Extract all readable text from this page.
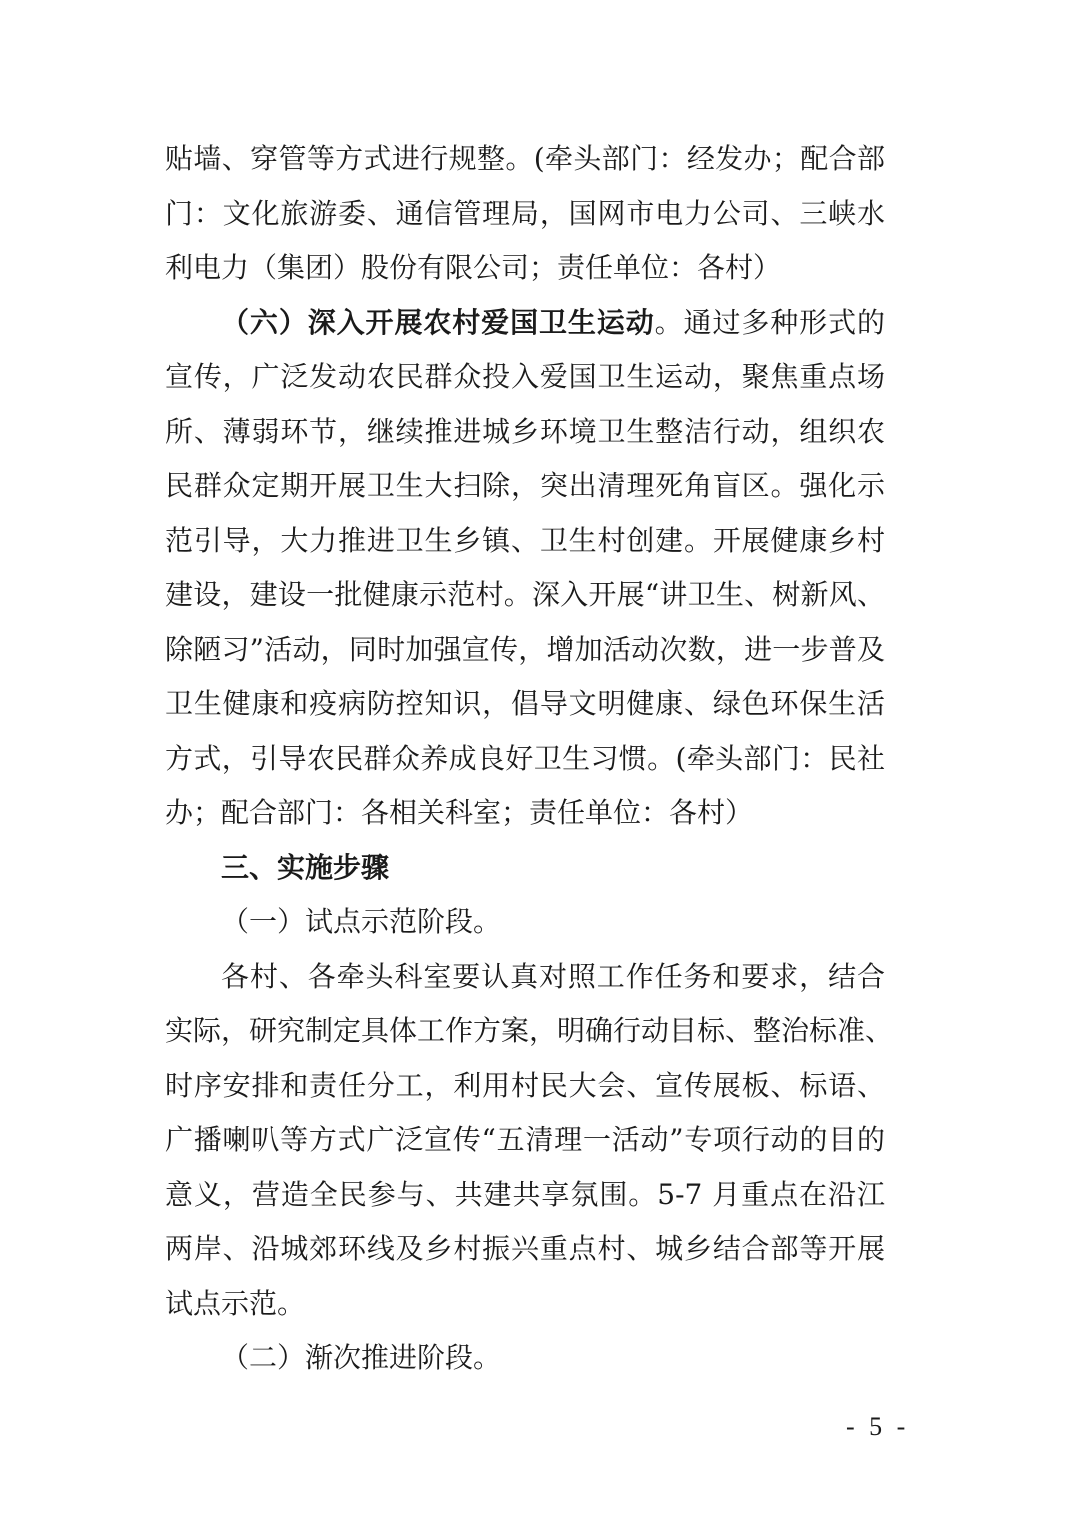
贴墙、穿管等方式进行规整。(牵头部门：经发办；配合部
门：文化旅游委、通信管理局，国网市电力公司、三峡水
利电力（集团）股份有限公司；责任单位：各村）
（六）深入开展农村爱国卫生运动。通过多种形式的
宣传，广泛发动农民群众投入爱国卫生运动，聚焦重点场
所、薄弱环节，继续推进城乡环境卫生整洁行动，组织农
民群众定期开展卫生大扫除，突出清理死角盲区。强化示
范引导，大力推进卫生乡镇、卫生村创建。开展健康乡村
建设，建设一批健康示范村。深入开展“讲卫生、树新风、
除陋习”活动，同时加强宣传，增加活动次数，进一步普及
卫生健康和疫病防控知识，倡导文明健康、绿色环保生活
方式，引导农民群众养成良好卫生习惯。(牵头部门：民社
办；配合部门：各相关科室；责任单位：各村）
三、实施步骤
（一）试点示范阶段。
各村、各牵头科室要认真对照工作任务和要求，结合
实际，研究制定具体工作方案，明确行动目标、整治标准、
时序安排和责任分工，利用村民大会、宣传展板、标语、
广播喇叭等方式广泛宣传“五清理一活动”专项行动的目的
意义，营造全民参与、共建共享氛围。5-7 月重点在沿江
两岸、沿城郊环线及乡村振兴重点村、城乡结合部等开展
试点示范。
（二）渐次推进阶段。
- 5 -
